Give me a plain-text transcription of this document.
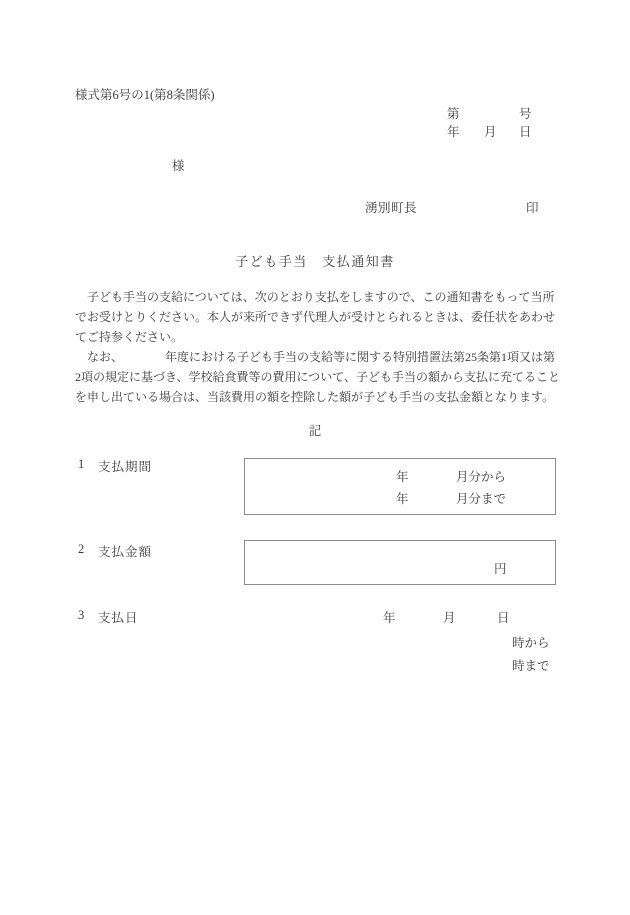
様式第6号の1(第8条関係)
第	号
年 月 日
様
湧別町長	印
子ども手当　支払通知書
　子ども手当の支給については、次のとおり支払をしますので、この通知書をもって当所
でお受けとりください。本人が来所できず代理人が受けとられるときは、委任状をあわせ
てご持参ください。
　なお、　　　　年度における子ども手当の支給等に関する特別措置法第25条第1項又は第
2項の規定に基づき、学校給食費等の費用について、子ども手当の額から支払に充てること
を申し出ている場合は、当該費用の額を控除した額が子ども手当の支払金額となります。
記
1 支払期間
年	月分から
年	月分まで
2 支払金額
円
3 支払日	年	月	日
時から
時まで
